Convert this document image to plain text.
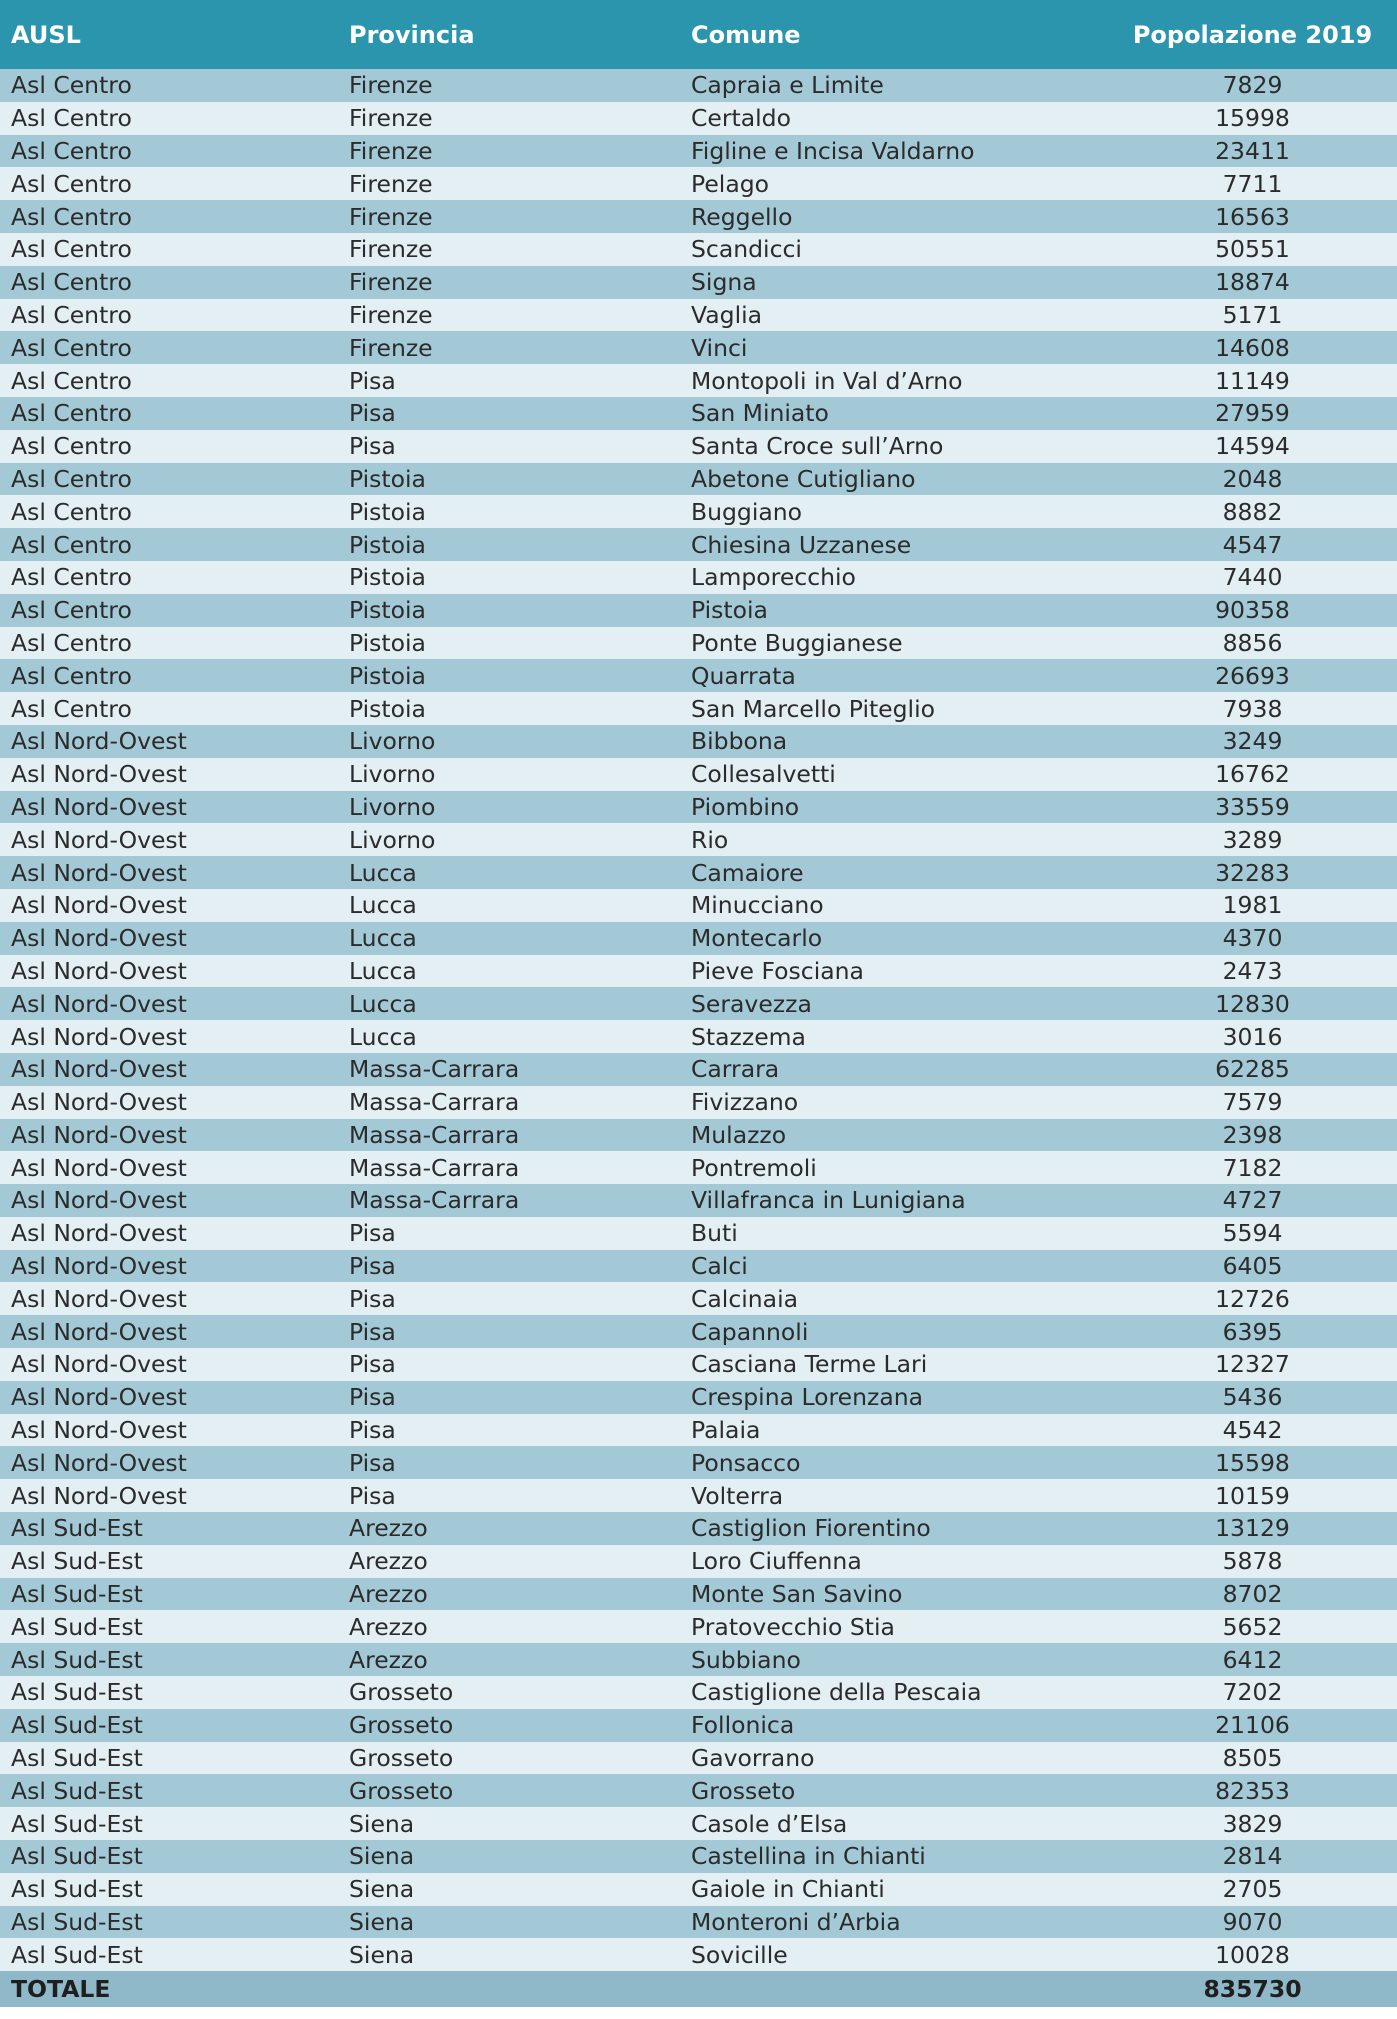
AUSL	Provincia	Comune	Popolazione 2019
Asl Centro	Firenze	Capraia e Limite	7829
Asl Centro	Firenze	Certaldo	15998
Asl Centro	Firenze	Figline e Incisa Valdarno	23411
Asl Centro	Firenze	Pelago	7711
Asl Centro	Firenze	Reggello	16563
Asl Centro	Firenze	Scandicci	50551
Asl Centro	Firenze	Signa	18874
Asl Centro	Firenze	Vaglia	5171
Asl Centro	Firenze	Vinci	14608
Asl Centro	Pisa	Montopoli in Val d’Arno	11149
Asl Centro	Pisa	San Miniato	27959
Asl Centro	Pisa	Santa Croce sull’Arno	14594
Asl Centro	Pistoia	Abetone Cutigliano	2048
Asl Centro	Pistoia	Buggiano	8882
Asl Centro	Pistoia	Chiesina Uzzanese	4547
Asl Centro	Pistoia	Lamporecchio	7440
Asl Centro	Pistoia	Pistoia	90358
Asl Centro	Pistoia	Ponte Buggianese	8856
Asl Centro	Pistoia	Quarrata	26693
Asl Centro	Pistoia	San Marcello Piteglio	7938
Asl Nord-Ovest	Livorno	Bibbona	3249
Asl Nord-Ovest	Livorno	Collesalvetti	16762
Asl Nord-Ovest	Livorno	Piombino	33559
Asl Nord-Ovest	Livorno	Rio	3289
Asl Nord-Ovest	Lucca	Camaiore	32283
Asl Nord-Ovest	Lucca	Minucciano	1981
Asl Nord-Ovest	Lucca	Montecarlo	4370
Asl Nord-Ovest	Lucca	Pieve Fosciana	2473
Asl Nord-Ovest	Lucca	Seravezza	12830
Asl Nord-Ovest	Lucca	Stazzema	3016
Asl Nord-Ovest	Massa-Carrara	Carrara	62285
Asl Nord-Ovest	Massa-Carrara	Fivizzano	7579
Asl Nord-Ovest	Massa-Carrara	Mulazzo	2398
Asl Nord-Ovest	Massa-Carrara	Pontremoli	7182
Asl Nord-Ovest	Massa-Carrara	Villafranca in Lunigiana	4727
Asl Nord-Ovest	Pisa	Buti	5594
Asl Nord-Ovest	Pisa	Calci	6405
Asl Nord-Ovest	Pisa	Calcinaia	12726
Asl Nord-Ovest	Pisa	Capannoli	6395
Asl Nord-Ovest	Pisa	Casciana Terme Lari	12327
Asl Nord-Ovest	Pisa	Crespina Lorenzana	5436
Asl Nord-Ovest	Pisa	Palaia	4542
Asl Nord-Ovest	Pisa	Ponsacco	15598
Asl Nord-Ovest	Pisa	Volterra	10159
Asl Sud-Est	Arezzo	Castiglion Fiorentino	13129
Asl Sud-Est	Arezzo	Loro Ciuffenna	5878
Asl Sud-Est	Arezzo	Monte San Savino	8702
Asl Sud-Est	Arezzo	Pratovecchio Stia	5652
Asl Sud-Est	Arezzo	Subbiano	6412
Asl Sud-Est	Grosseto	Castiglione della Pescaia	7202
Asl Sud-Est	Grosseto	Follonica	21106
Asl Sud-Est	Grosseto	Gavorrano	8505
Asl Sud-Est	Grosseto	Grosseto	82353
Asl Sud-Est	Siena	Casole d’Elsa	3829
Asl Sud-Est	Siena	Castellina in Chianti	2814
Asl Sud-Est	Siena	Gaiole in Chianti	2705
Asl Sud-Est	Siena	Monteroni d’Arbia	9070
Asl Sud-Est	Siena	Sovicille	10028
TOTALE			835730
